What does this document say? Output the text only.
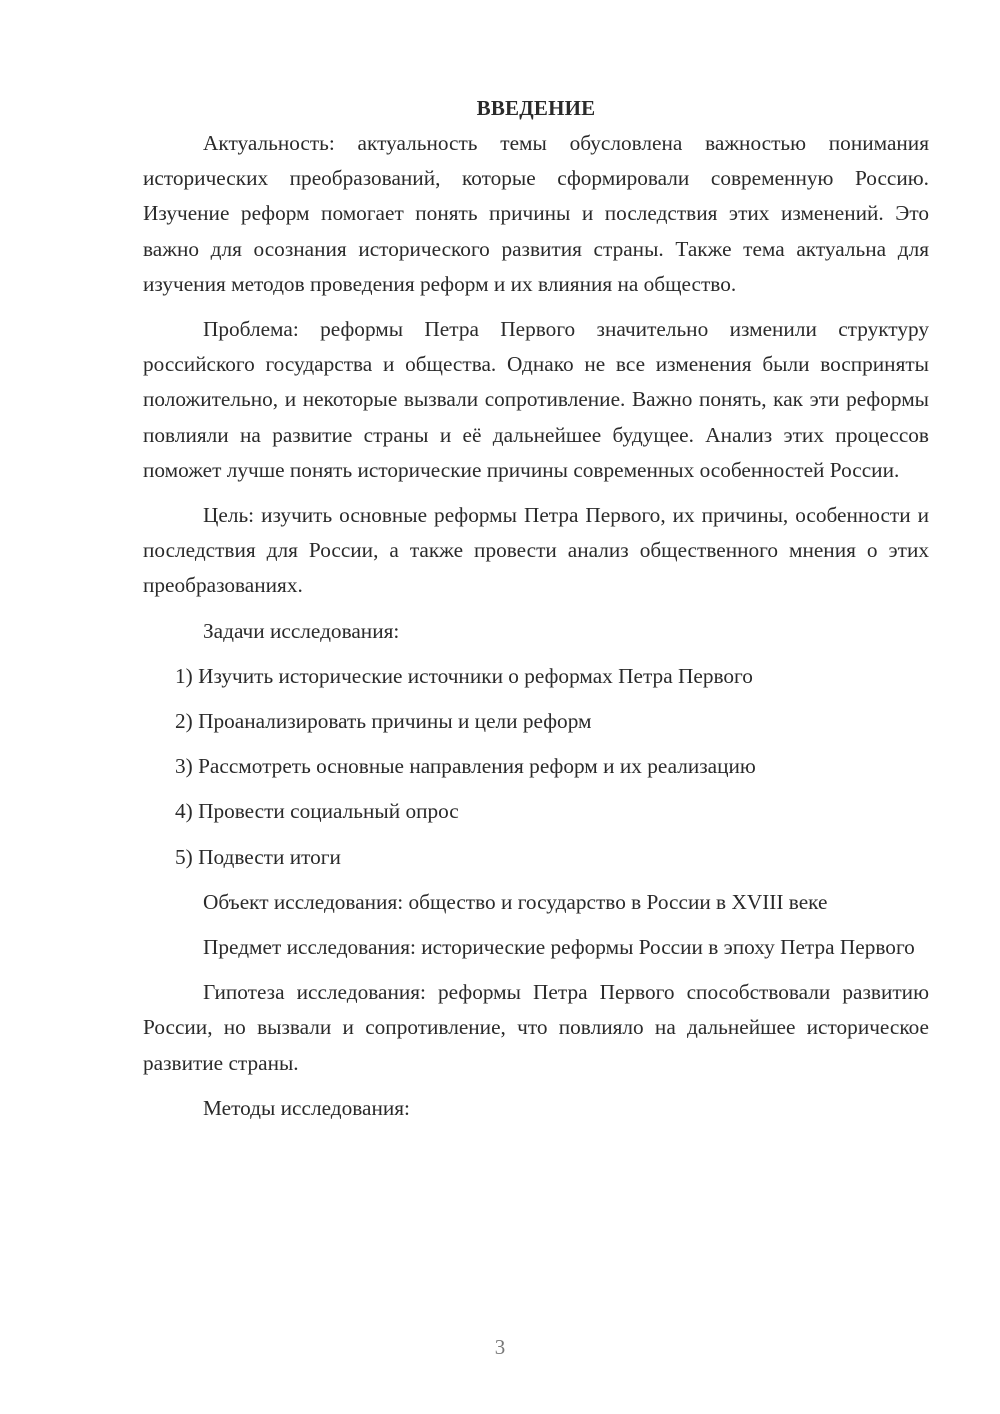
ВВЕДЕНИЕ

Актуальность: актуальность темы обусловлена важностью понимания исторических преобразований, которые сформировали современную Россию. Изучение реформ помогает понять причины и последствия этих изменений. Это важно для осознания исторического развития страны. Также тема актуальна для изучения методов проведения реформ и их влияния на общество.

Проблема: реформы Петра Первого значительно изменили структуру российского государства и общества. Однако не все изменения были восприняты положительно, и некоторые вызвали сопротивление. Важно понять, как эти реформы повлияли на развитие страны и её дальнейшее будущее. Анализ этих процессов поможет лучше понять исторические причины современных особенностей России.

Цель: изучить основные реформы Петра Первого, их причины, особенности и последствия для России, а также провести анализ общественного мнения о этих преобразованиях.

Задачи исследования:

1) Изучить исторические источники о реформах Петра Первого

2) Проанализировать причины и цели реформ

3) Рассмотреть основные направления реформ и их реализацию

4) Провести социальный опрос

5) Подвести итоги

Объект исследования: общество и государство в России в XVIII веке

Предмет исследования: исторические реформы России в эпоху Петра Первого

Гипотеза исследования: реформы Петра Первого способствовали развитию России, но вызвали и сопротивление, что повлияло на дальнейшее историческое развитие страны.

Методы исследования:

3
